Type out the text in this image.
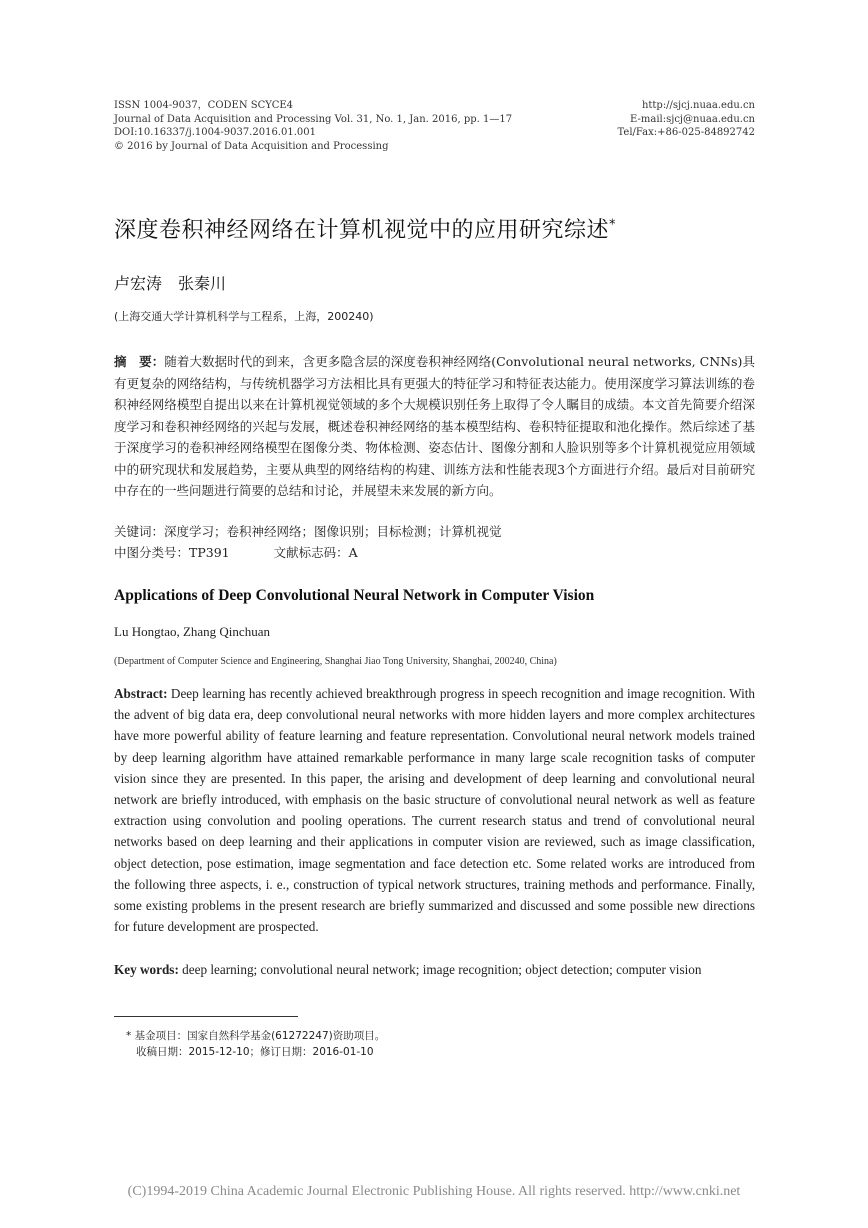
ISSN 1004-9037，CODEN SCYCE4
Journal of Data Acquisition and Processing Vol. 31, No. 1, Jan. 2016, pp. 1—17
DOI:10.16337/j.1004-9037.2016.01.001
© 2016 by Journal of Data Acquisition and Processing
http://sjcj.nuaa.edu.cn
E-mail:sjcj@nuaa.edu.cn
Tel/Fax:+86-025-84892742
深度卷积神经网络在计算机视觉中的应用研究综述*
卢宏涛　张秦川
(上海交通大学计算机科学与工程系，上海，200240)
摘　要：随着大数据时代的到来，含更多隐含层的深度卷积神经网络(Convolutional neural networks, CNNs)具有更复杂的网络结构，与传统机器学习方法相比具有更强大的特征学习和特征表达能力。使用深度学习算法训练的卷积神经网络模型自提出以来在计算机视觉领域的多个大规模识别任务上取得了令人瞩目的成绩。本文首先简要介绍深度学习和卷积神经网络的兴起与发展，概述卷积神经网络的基本模型结构、卷积特征提取和池化操作。然后综述了基于深度学习的卷积神经网络模型在图像分类、物体检测、姿态估计、图像分割和人脸识别等多个计算机视觉应用领域中的研究现状和发展趋势，主要从典型的网络结构的构建、训练方法和性能表现3个方面进行介绍。最后对目前研究中存在的一些问题进行简要的总结和讨论，并展望未来发展的新方向。
关键词：深度学习；卷积神经网络；图像识别；目标检测；计算机视觉
中图分类号：TP391	文献标志码：A
Applications of Deep Convolutional Neural Network in Computer Vision
Lu Hongtao, Zhang Qinchuan
(Department of Computer Science and Engineering, Shanghai Jiao Tong University, Shanghai, 200240, China)
Abstract: Deep learning has recently achieved breakthrough progress in speech recognition and image recognition. With the advent of big data era, deep convolutional neural networks with more hidden layers and more complex architectures have more powerful ability of feature learning and feature representation. Convolutional neural network models trained by deep learning algorithm have attained remarkable performance in many large scale recognition tasks of computer vision since they are presented. In this paper, the arising and development of deep learning and convolutional neural network are briefly introduced, with emphasis on the basic structure of convolutional neural network as well as feature extraction using convolution and pooling operations. The current research status and trend of convolutional neural networks based on deep learning and their applications in computer vision are reviewed, such as image classification, object detection, pose estimation, image segmentation and face detection etc. Some related works are introduced from the following three aspects, i. e., construction of typical network structures, training methods and performance. Finally, some existing problems in the present research are briefly summarized and discussed and some possible new directions for future development are prospected.
Key words: deep learning; convolutional neural network; image recognition; object detection; computer vision
* 基金项目：国家自然科学基金(61272247)资助项目。
收稿日期：2015-12-10；修订日期：2016-01-10
(C)1994-2019 China Academic Journal Electronic Publishing House. All rights reserved. http://www.cnki.net
